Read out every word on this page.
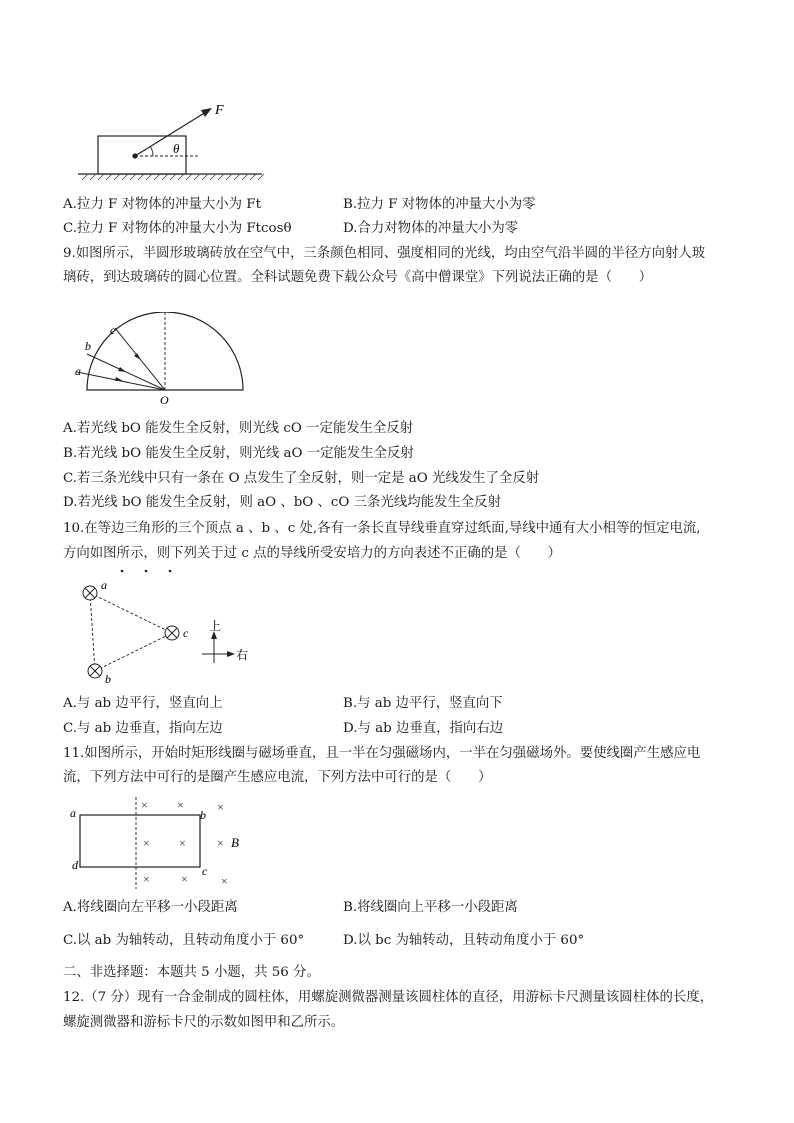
F
θ
A.拉力 F 对物体的冲量大小为 Ft	B.拉力 F 对物体的冲量大小为零
C.拉力 F 对物体的冲量大小为 Ftcosθ	D.合力对物体的冲量大小为零
9.如图所示，半圆形玻璃砖放在空气中，三条颜色相同、强度相同的光线，均由空气沿半圆的半径方向射人玻
璃砖，到达玻璃砖的圆心位置。全科试题免费下载公众号《高中僧课堂》下列说法正确的是（　　）
c
b
a
O
A.若光线 bO 能发生全反射，则光线 cO 一定能发生全反射
B.若光线 bO 能发生全反射，则光线 aO 一定能发生全反射
C.若三条光线中只有一条在 O 点发生了全反射，则一定是 aO 光线发生了全反射
D.若光线 bO 能发生全反射，则 aO 、bO 、cO 三条光线均能发生全反射
10.在等边三角形的三个顶点 a 、b 、c 处,各有一条长直导线垂直穿过纸面,导线中通有大小相等的恒定电流,
方向如图所示，则下列关于过 c 点的导线所受安培力的方向表述不正确的是（　　）
a
b
c 上
右
A.与 ab 边平行，竖直向上	B.与 ab 边平行，竖直向下
C.与 ab 边垂直，指向左边	D.与 ab 边垂直，指向右边
11.如图所示，开始时矩形线圈与磁场垂直，且一半在匀强磁场内，一半在匀强磁场外。要使线圈产生感应电
流，下列方法中可行的是圈产生感应电流，下列方法中可行的是（　　）
× ×	×
× ×	×
×	×	×
a	b
c
d
B
A.将线圈向左平移一小段距离	B.将线圈向上平移一小段距离
C.以 ab 为轴转动，且转动角度小于 60°	D.以 bc 为轴转动，且转动角度小于 60°
二、非选择题：本题共 5 小题，共 56 分。
12.（7 分）现有一合金制成的圆柱体，用螺旋测微器测量该圆柱体的直径，用游标卡尺测量该圆柱体的长度，
螺旋测微器和游标卡尺的示数如图甲和乙所示。
